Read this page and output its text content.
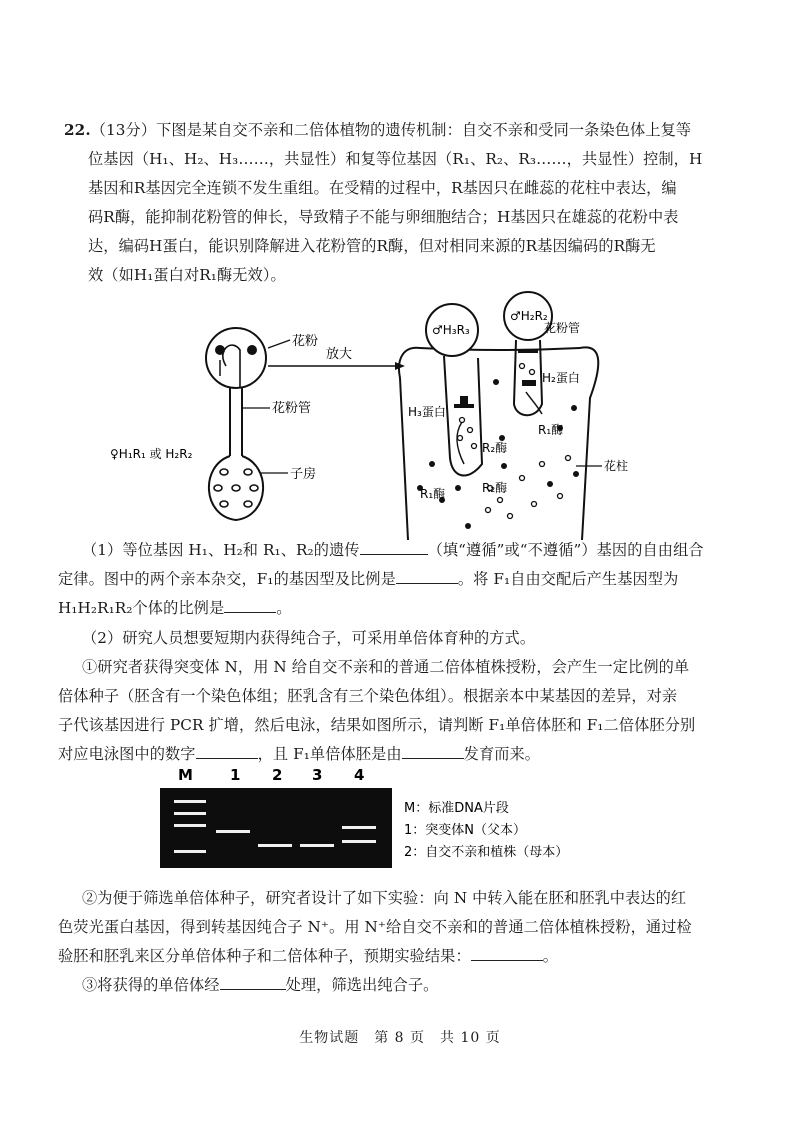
22.（13分）下图是某自交不亲和二倍体植物的遗传机制：自交不亲和受同一条染色体上复等
位基因（H₁、H₂、H₃……，共显性）和复等位基因（R₁、R₂、R₃……，共显性）控制，H
基因和R基因完全连锁不发生重组。在受精的过程中，R基因只在雌蕊的花柱中表达，编
码R酶，能抑制花粉管的伸长，导致精子不能与卵细胞结合；H基因只在雄蕊的花粉中表
达，编码H蛋白，能识别降解进入花粉管的R酶，但对相同来源的R基因编码的R酶无
效（如H₁蛋白对R₁酶无效）。
花粉
花粉管
子房
♀H₁R₁ 或 H₂R₂
放大
♂H₃R₃
♂H₂R₂
花粉管
H₂蛋白
H₃蛋白
R₁酶
R₂酶
R₁酶	R₂酶
花柱
（1）等位基因 H₁、H₂和 R₁、R₂的遗传	（填“遵循”或“不遵循”）基因的自由组合
定律。图中的两个亲本杂交，F₁的基因型及比例是	。将 F₁自由交配后产生基因型为
H₁H₂R₁R₂个体的比例是	。
（2）研究人员想要短期内获得纯合子，可采用单倍体育种的方式。
①研究者获得突变体 N，用 N 给自交不亲和的普通二倍体植株授粉，会产生一定比例的单
倍体种子（胚含有一个染色体组；胚乳含有三个染色体组）。根据亲本中某基因的差异，对亲
子代该基因进行 PCR 扩增，然后电泳，结果如图所示，请判断 F₁单倍体胚和 F₁二倍体胚分别
对应电泳图中的数字	，且 F₁单倍体胚是由	发育而来。
M 1 2 3 4
M：标准DNA片段
1：突变体N（父本）
2：自交不亲和植株（母本）
②为便于筛选单倍体种子，研究者设计了如下实验：向 N 中转入能在胚和胚乳中表达的红
色荧光蛋白基因，得到转基因纯合子 N⁺。用 N⁺给自交不亲和的普通二倍体植株授粉，通过检
验胚和胚乳来区分单倍体种子和二倍体种子，预期实验结果：	。
③将获得的单倍体经	处理，筛选出纯合子。
生物试题　第 8 页　共 10 页
